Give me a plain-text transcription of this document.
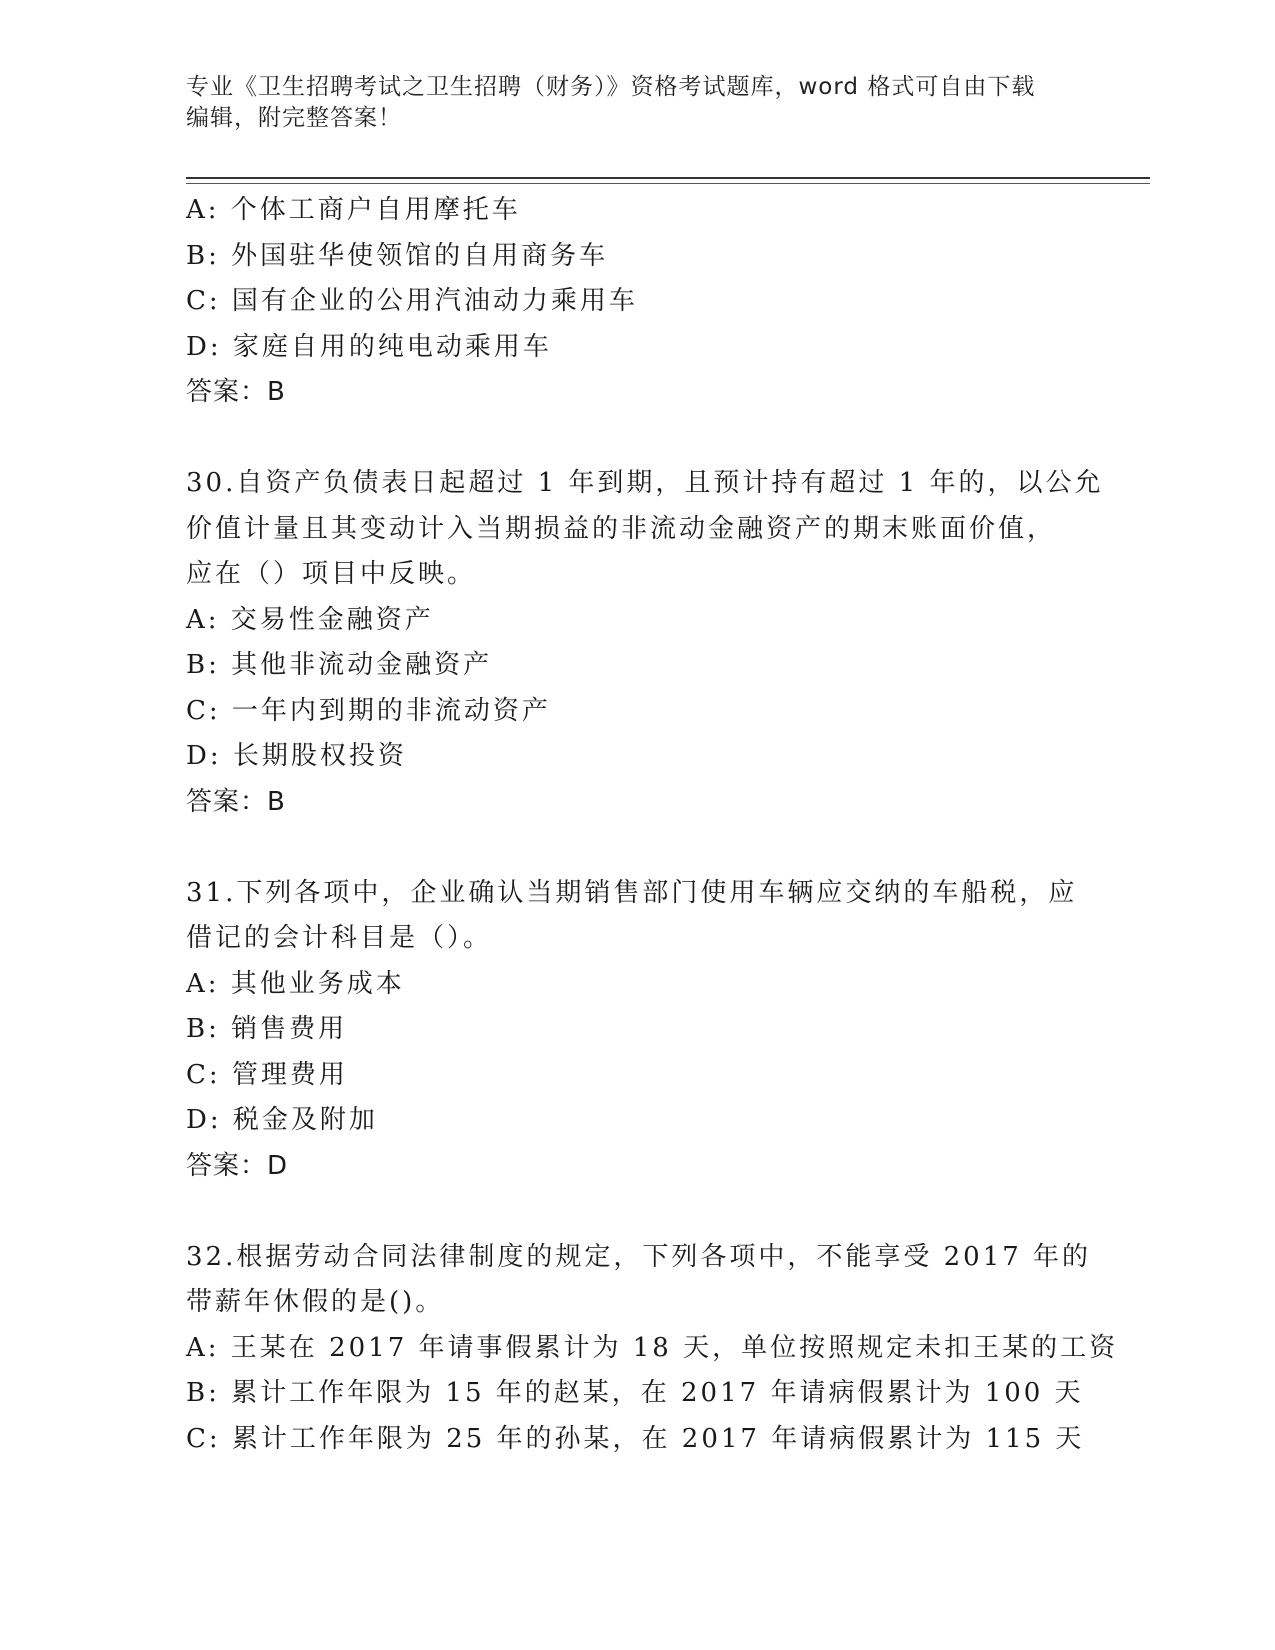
专业《卫生招聘考试之卫生招聘（财务）》资格考试题库，word 格式可自由下载
编辑，附完整答案！
A: 个体工商户自用摩托车
B: 外国驻华使领馆的自用商务车
C: 国有企业的公用汽油动力乘用车
D: 家庭自用的纯电动乘用车
答案：B
30.自资产负债表日起超过 1 年到期，且预计持有超过 1 年的，以公允
价值计量且其变动计入当期损益的非流动金融资产的期末账面价值，
应在（）项目中反映。
A: 交易性金融资产
B: 其他非流动金融资产
C: 一年内到期的非流动资产
D: 长期股权投资
答案：B
31.下列各项中，企业确认当期销售部门使用车辆应交纳的车船税，应
借记的会计科目是（）。
A: 其他业务成本
B: 销售费用
C: 管理费用
D: 税金及附加
答案：D
32.根据劳动合同法律制度的规定，下列各项中，不能享受 2017 年的
带薪年休假的是()。
A: 王某在 2017 年请事假累计为 18 天，单位按照规定未扣王某的工资
B: 累计工作年限为 15 年的赵某，在 2017 年请病假累计为 100 天
C: 累计工作年限为 25 年的孙某，在 2017 年请病假累计为 115 天
